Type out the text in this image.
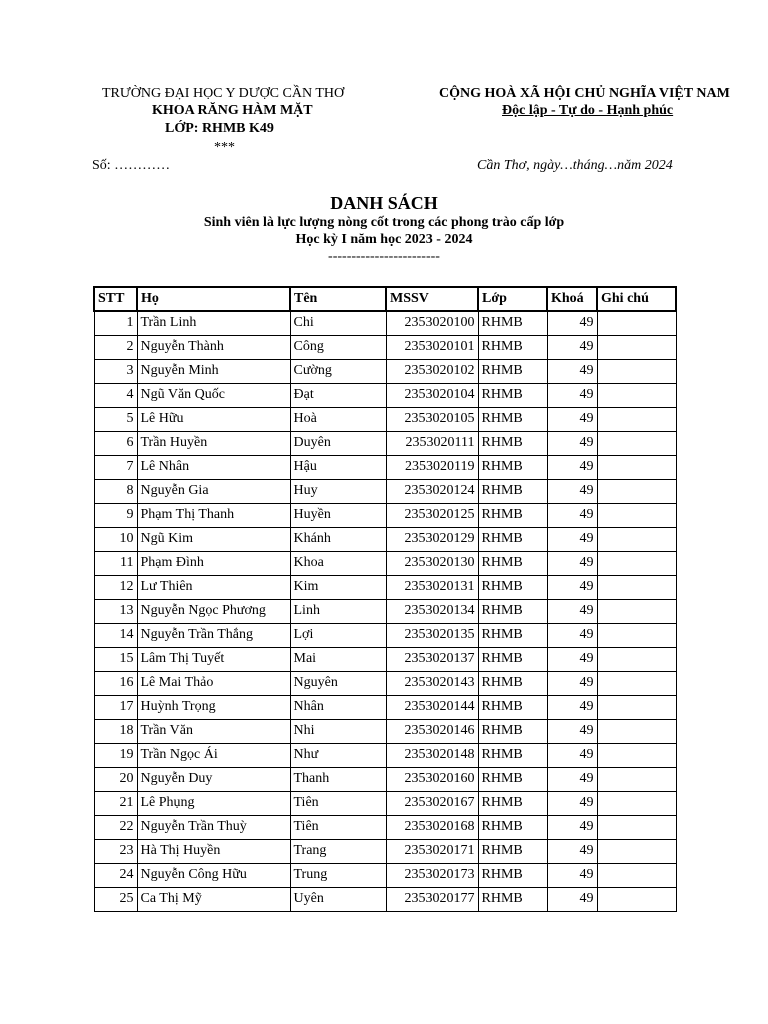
TRƯỜNG ĐẠI HỌC Y DƯỢC CẦN THƠ
KHOA RĂNG HÀM MẶT
LỚP: RHMB K49
***
CỘNG HOÀ XÃ HỘI CHỦ NGHĨA VIỆT NAM
Độc lập - Tự do - Hạnh phúc
Số: …………	Cần Thơ, ngày…tháng…năm 2024
DANH SÁCH
Sinh viên là lực lượng nòng cốt trong các phong trào cấp lớp
Học kỳ I năm học 2023 - 2024
------------------------
STT	Họ	Tên	MSSV	Lớp	Khoá	Ghi chú
1	Trần Linh	Chi	2353020100	RHMB	49	
2	Nguyễn Thành	Công	2353020101	RHMB	49	
3	Nguyễn Minh	Cường	2353020102	RHMB	49	
4	Ngũ Văn Quốc	Đạt	2353020104	RHMB	49	
5	Lê Hữu	Hoà	2353020105	RHMB	49	
6	Trần Huyền	Duyên	2353020111	RHMB	49	
7	Lê Nhân	Hậu	2353020119	RHMB	49	
8	Nguyễn Gia	Huy	2353020124	RHMB	49	
9	Phạm Thị Thanh	Huyền	2353020125	RHMB	49	
10	Ngũ Kim	Khánh	2353020129	RHMB	49	
11	Phạm Đình	Khoa	2353020130	RHMB	49	
12	Lư Thiên	Kim	2353020131	RHMB	49	
13	Nguyễn Ngọc Phương	Linh	2353020134	RHMB	49	
14	Nguyễn Trần Thắng	Lợi	2353020135	RHMB	49	
15	Lâm Thị Tuyết	Mai	2353020137	RHMB	49	
16	Lê Mai Thảo	Nguyên	2353020143	RHMB	49	
17	Huỳnh Trọng	Nhân	2353020144	RHMB	49	
18	Trần Văn	Nhi	2353020146	RHMB	49	
19	Trần Ngọc Ái	Như	2353020148	RHMB	49	
20	Nguyễn Duy	Thanh	2353020160	RHMB	49	
21	Lê Phụng	Tiên	2353020167	RHMB	49	
22	Nguyễn Trần Thuỳ	Tiên	2353020168	RHMB	49	
23	Hà Thị Huyền	Trang	2353020171	RHMB	49	
24	Nguyễn Công Hữu	Trung	2353020173	RHMB	49	
25	Ca Thị Mỹ	Uyên	2353020177	RHMB	49	
